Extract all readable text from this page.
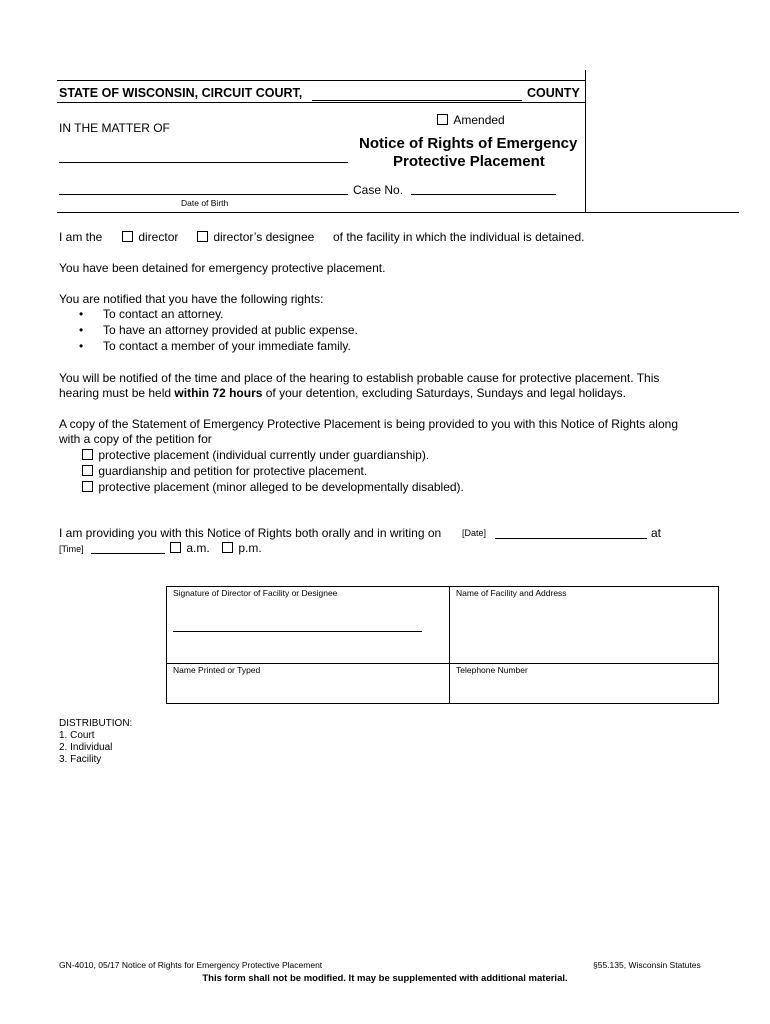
STATE OF WISCONSIN, CIRCUIT COURT,	COUNTY
IN THE MATTER OF
Amended
Notice of Rights of Emergency
Protective Placement
Date of Birth
Case No.
I am the	director	director’s designee of the facility in which the individual is detained.
You have been detained for emergency protective placement.
You are notified that you have the following rights:
• To contact an attorney.
• To have an attorney provided at public expense.
• To contact a member of your immediate family.
You will be notified of the time and place of the hearing to establish probable cause for protective placement. This
hearing must be held within 72 hours of your detention, excluding Saturdays, Sundays and legal holidays.
A copy of the Statement of Emergency Protective Placement is being provided to you with this Notice of Rights along
with a copy of the petition for
protective placement (individual currently under guardianship).
guardianship and petition for protective placement.
protective placement (minor alleged to be developmentally disabled).
I am providing you with this Notice of Rights both orally and in writing on [Date]	at
[Time]	a.m.	p.m.
Signature of Director of Facility or Designee	Name of Facility and Address
Name Printed or Typed	Telephone Number
DISTRIBUTION:
1. Court
2. Individual
3. Facility
GN-4010, 05/17 Notice of Rights for Emergency Protective Placement	§55.135, Wisconsin Statutes
This form shall not be modified. It may be supplemented with additional material.
